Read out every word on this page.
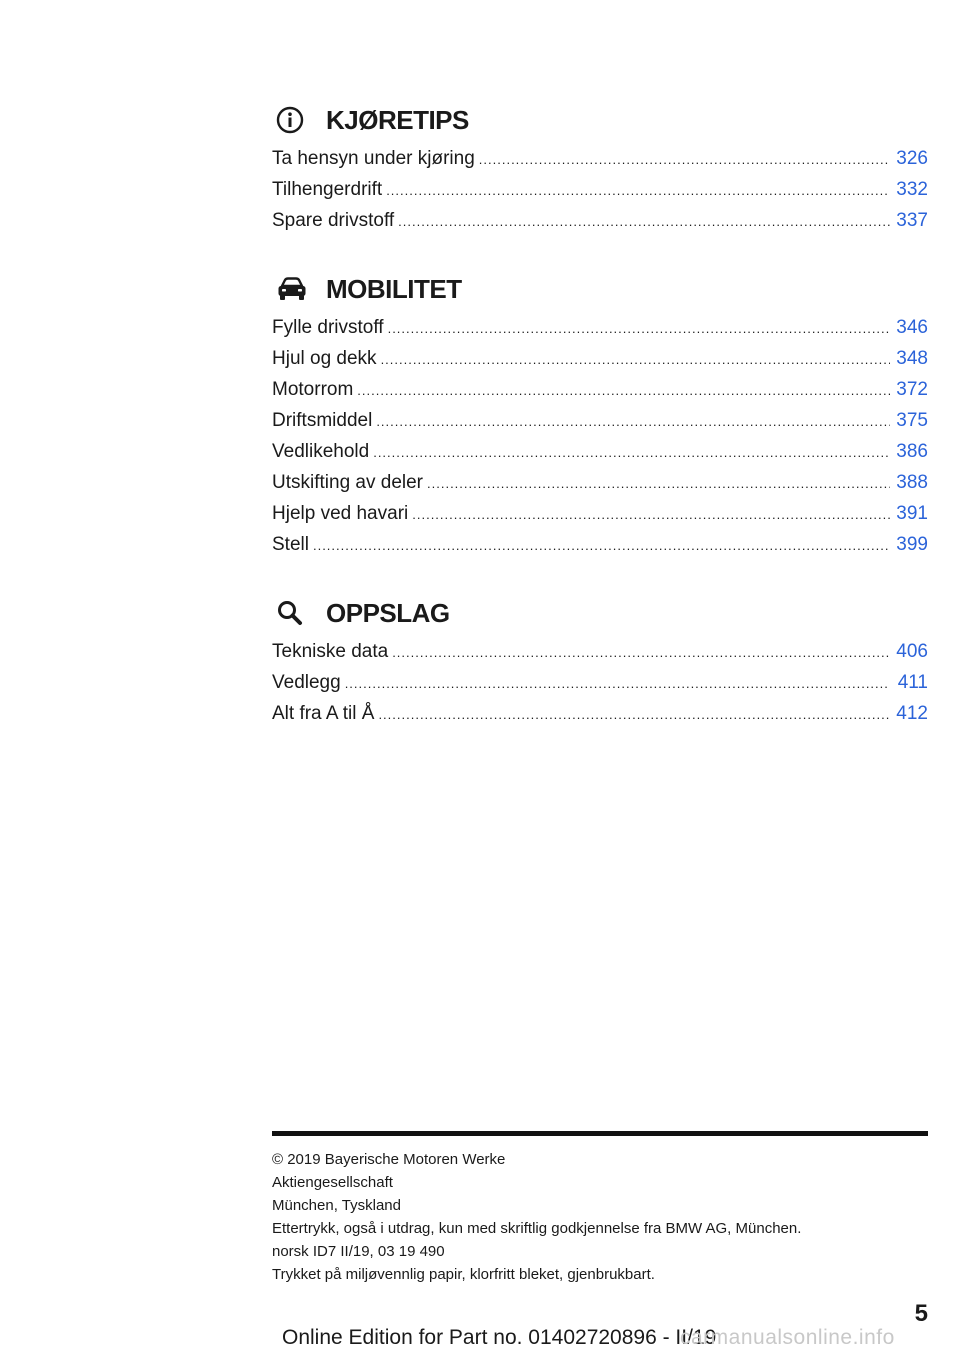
KJØRETIPS
Ta hensyn under kjøring .....	326
Tilhengerdrift .....	332
Spare drivstoff .....	337
MOBILITET
Fylle drivstoff .....	346
Hjul og dekk .....	348
Motorrom .....	372
Driftsmiddel .....	375
Vedlikehold .....	386
Utskifting av deler .....	388
Hjelp ved havari .....	391
Stell .....	399
OPPSLAG
Tekniske data .....	406
Vedlegg .....	411
Alt fra A til Å .....	412
© 2019 Bayerische Motoren Werke
Aktiengesellschaft
München, Tyskland
Ettertrykk, også i utdrag, kun med skriftlig godkjennelse fra BMW AG, München.
norsk ID7 II/19, 03 19 490
Trykket på miljøvennlig papir, klorfritt bleket, gjenbrukbart.
5
Online Edition for Part no. 01402720896 - II/19
carmanualsonline.info
